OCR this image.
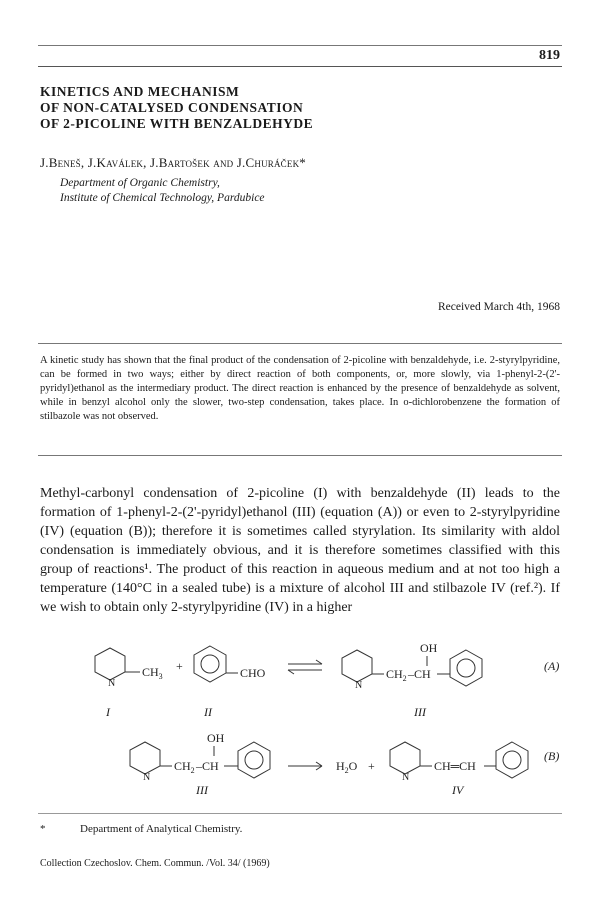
819
KINETICS AND MECHANISM
OF NON-CATALYSED CONDENSATION
OF 2-PICOLINE WITH BENZALDEHYDE
J.Beneš, J.Kaválek, J.Bartošek and J.Churáček*
Department of Organic Chemistry,
Institute of Chemical Technology, Pardubice
Received March 4th, 1968

A kinetic study has shown that the final product of the condensation of 2-picoline with benzaldehyde, i.e. 2-styrylpyridine, can be formed in two ways; either by direct reaction of both components, or, more slowly, via 1-phenyl-2-(2'-pyridyl)ethanol as the intermediary product. The direct reaction is enhanced by the presence of benzaldehyde as solvent, while in benzyl alcohol only the slower, two-step condensation, takes place. In o-dichlorobenzene the formation of stilbazole was not observed.

Methyl-carbonyl condensation of 2-picoline (I) with benzaldehyde (II) leads to the formation of 1-phenyl-2-(2'-pyridyl)ethanol (III) (equation (A)) or even to 2-styrylpyridine (IV) (equation (B)); therefore it is sometimes called styrylation. Its similarity with aldol condensation is immediately obvious, and it is therefore sometimes classified with this group of reactions¹. The product of this reaction in aqueous medium and at not too high a temperature (140°C in a sealed tube) is a mixture of alcohol III and stilbazole IV (ref.²). If we wish to obtain only 2-styrylpyridine (IV) in a higher

N
$CH_3$
+	CHO
OH
N
$CH_2$ –CH
(A)
I	II	III
OH
N
$CH_2$ –CH	$H_2O$ +
N
CH═CH
(B)
III	IV
*	Department of Analytical Chemistry.
Collection Czechoslov. Chem. Commun. /Vol. 34/ (1969)
